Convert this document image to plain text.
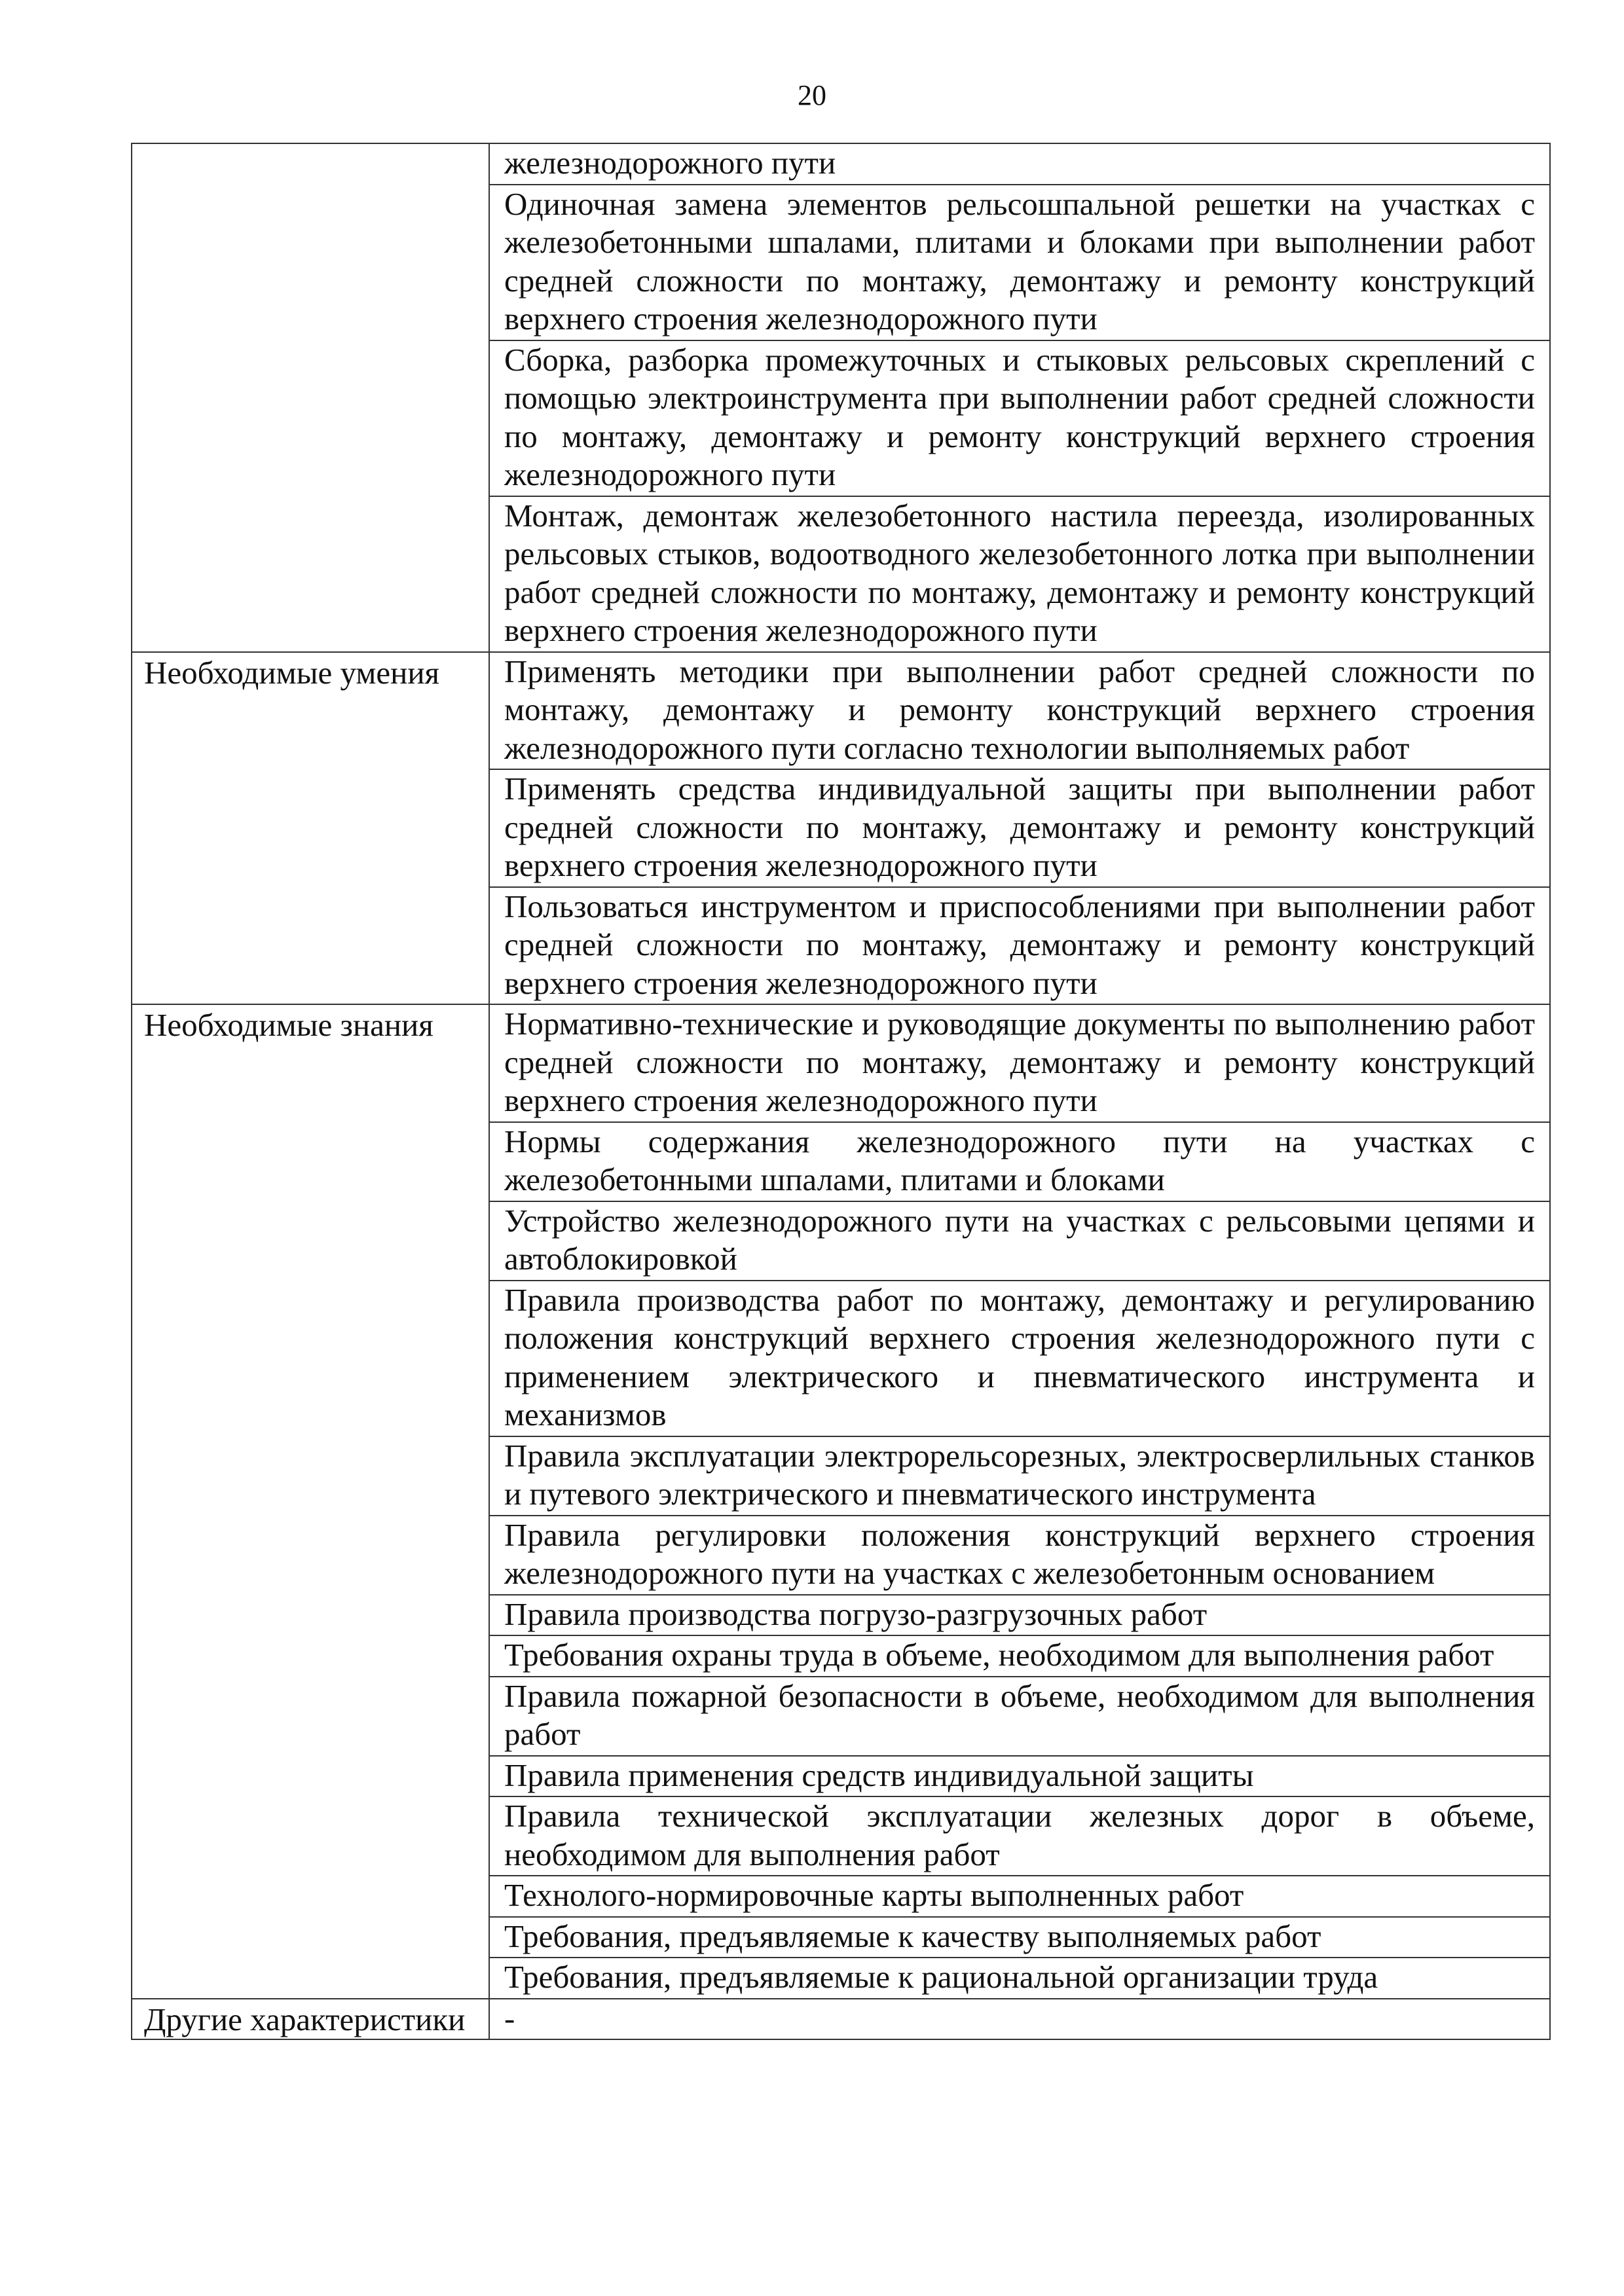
20

	железнодорожного пути

	Одиночная замена элементов рельсошпальной решетки на участках с железобетонными шпалами, плитами и блоками при выполнении работ средней сложности по монтажу, демонтажу и ремонту конструкций верхнего строения железнодорожного пути

	Сборка, разборка промежуточных и стыковых рельсовых скреплений с помощью электроинструмента при выполнении работ средней сложности по монтажу, демонтажу и ремонту конструкций верхнего строения железнодорожного пути

	Монтаж, демонтаж железобетонного настила переезда, изолированных рельсовых стыков, водоотводного железобетонного лотка при выполнении работ средней сложности по монтажу, демонтажу и ремонту конструкций верхнего строения железнодорожного пути

Необходимые умения	Применять методики при выполнении работ средней сложности по монтажу, демонтажу и ремонту конструкций верхнего строения железнодорожного пути согласно технологии выполняемых работ

	Применять средства индивидуальной защиты при выполнении работ средней сложности по монтажу, демонтажу и ремонту конструкций верхнего строения железнодорожного пути

	Пользоваться инструментом и приспособлениями при выполнении работ средней сложности по монтажу, демонтажу и ремонту конструкций верхнего строения железнодорожного пути

Необходимые знания	Нормативно-технические и руководящие документы по выполнению работ средней сложности по монтажу, демонтажу и ремонту конструкций верхнего строения железнодорожного пути

	Нормы содержания железнодорожного пути на участках с железобетонными шпалами, плитами и блоками

	Устройство железнодорожного пути на участках с рельсовыми цепями и автоблокировкой

	Правила производства работ по монтажу, демонтажу и регулированию положения конструкций верхнего строения железнодорожного пути с применением электрического и пневматического инструмента и механизмов

	Правила эксплуатации электрорельсорезных, электросверлильных станков и путевого электрического и пневматического инструмента

	Правила регулировки положения конструкций верхнего строения железнодорожного пути на участках с железобетонным основанием

	Правила производства погрузо-разгрузочных работ

	Требования охраны труда в объеме, необходимом для выполнения работ

	Правила пожарной безопасности в объеме, необходимом для выполнения работ

	Правила применения средств индивидуальной защиты

	Правила технической эксплуатации железных дорог в объеме, необходимом для выполнения работ

	Технолого-нормировочные карты выполненных работ

	Требования, предъявляемые к качеству выполняемых работ

	Требования, предъявляемые к рациональной организации труда

Другие характеристики	-
